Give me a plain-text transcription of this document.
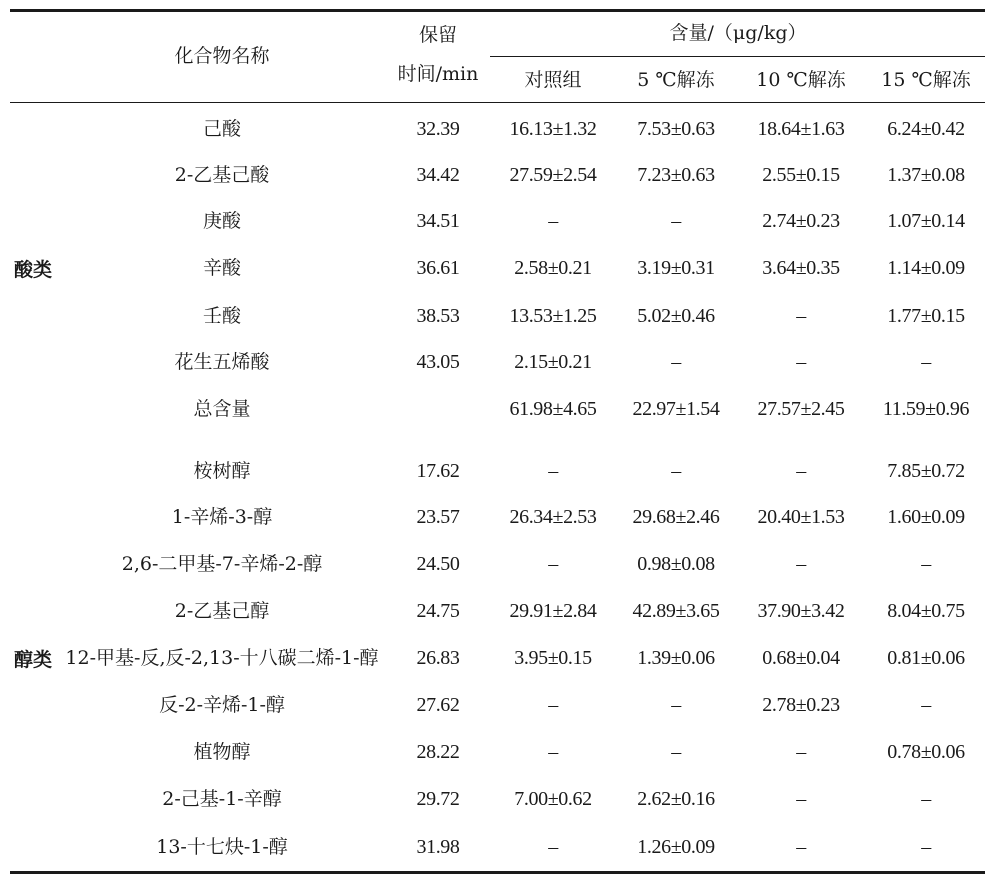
化合物名称
保留
时间/min
含量/（μg/kg）
对照组	5 ℃解冻 10 ℃解冻 15 ℃解冻
酸类
醇类
己酸	32.39	16.13±1.32 7.53±0.63 18.64±1.63 6.24±0.42
2-乙基己酸	34.42	27.59±2.54 7.23±0.63 2.55±0.15 1.37±0.08
庚酸	34.51	–	–	2.74±0.23 1.07±0.14
辛酸	36.61	2.58±0.21 3.19±0.31 3.64±0.35 1.14±0.09
壬酸	38.53	13.53±1.25 5.02±0.46	–	1.77±0.15
花生五烯酸	43.05	2.15±0.21	–	–	–
总含量	61.98±4.65 22.97±1.54 27.57±2.45 11.59±0.96
桉树醇	17.62	–	–	–	7.85±0.72
1-辛烯-3-醇	23.57	26.34±2.53 29.68±2.46 20.40±1.53 1.60±0.09
2,6-二甲基-7-辛烯-2-醇	24.50	–	0.98±0.08	–	–
2-乙基己醇	24.75	29.91±2.84 42.89±3.65 37.90±3.42 8.04±0.75
12-甲基-反,反-2,13-十八碳二烯-1-醇 26.83	3.95±0.15 1.39±0.06 0.68±0.04 0.81±0.06
反-2-辛烯-1-醇	27.62	–	–	2.78±0.23	–
植物醇	28.22	–	–	–	0.78±0.06
2-己基-1-辛醇	29.72	7.00±0.62 2.62±0.16	–	–
13-十七炔-1-醇	31.98	–	1.26±0.09	–	–
